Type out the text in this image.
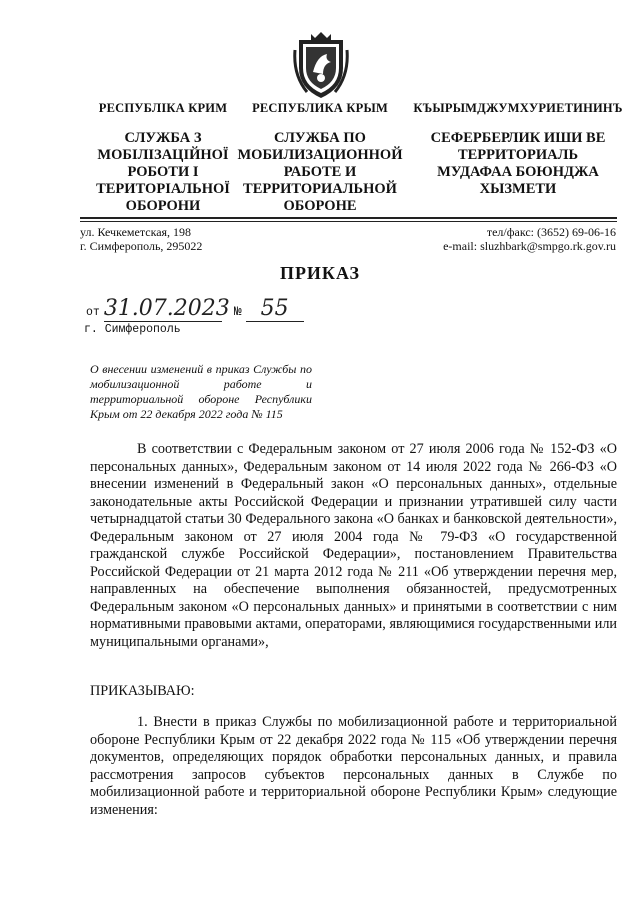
РЕСПУБЛІКА КРИМ
СЛУЖБА З
МОБІЛІЗАЦІЙНОЇ
РОБОТИ І
ТЕРИТОРІАЛЬНОЇ
ОБОРОНИ
РЕСПУБЛИКА КРЫМ
СЛУЖБА ПО
МОБИЛИЗАЦИОННОЙ
РАБОТЕ И
ТЕРРИТОРИАЛЬНОЙ
ОБОРОНЕ
КЪЫРЫМДЖУМХУРИЕТИНИНЪ
СЕФЕРБЕРЛИК ИШИ ВЕ
ТЕРРИТОРИАЛЬ
МУДАФАА БОЮНДЖА
ХЫЗМЕТИ
ул. Кечкеметская, 198
г. Симферополь, 295022
тел/факс: (3652) 69-06-16
e-mail: sluzhbark@smpgo.rk.gov.ru
ПРИКАЗ
от 31.07.2023 № 55
г. Симферополь
О внесении изменений в приказ Службы по мобилизационной работе и территориальной обороне Республики Крым от 22 декабря 2022 года № 115
В соответствии с Федеральным законом от 27 июля 2006 года № 152-ФЗ «О персональных данных», Федеральным законом от 14 июля 2022 года № 266-ФЗ «О внесении изменений в Федеральный закон «О персональных данных», отдельные законодательные акты Российской Федерации и признании утратившей силу части четырнадцатой статьи 30 Федерального закона «О банках и банковской деятельности», Федеральным законом от 27 июля 2004 года № 79-ФЗ «О государственной гражданской службе Российской Федерации», постановлением Правительства Российской Федерации от 21 марта 2012 года № 211 «Об утверждении перечня мер, направленных на обеспечение выполнения обязанностей, предусмотренных Федеральным законом «О персональных данных» и принятыми в соответствии с ним нормативными правовыми актами, операторами, являющимися государственными или муниципальными органами»,
ПРИКАЗЫВАЮ:
1. Внести в приказ Службы по мобилизационной работе и территориальной обороне Республики Крым от 22 декабря 2022 года № 115 «Об утверждении перечня документов, определяющих порядок обработки персональных данных, и правила рассмотрения запросов субъектов персональных данных в Службе по мобилизационной работе и территориальной обороне Республики Крым» следующие изменения:
